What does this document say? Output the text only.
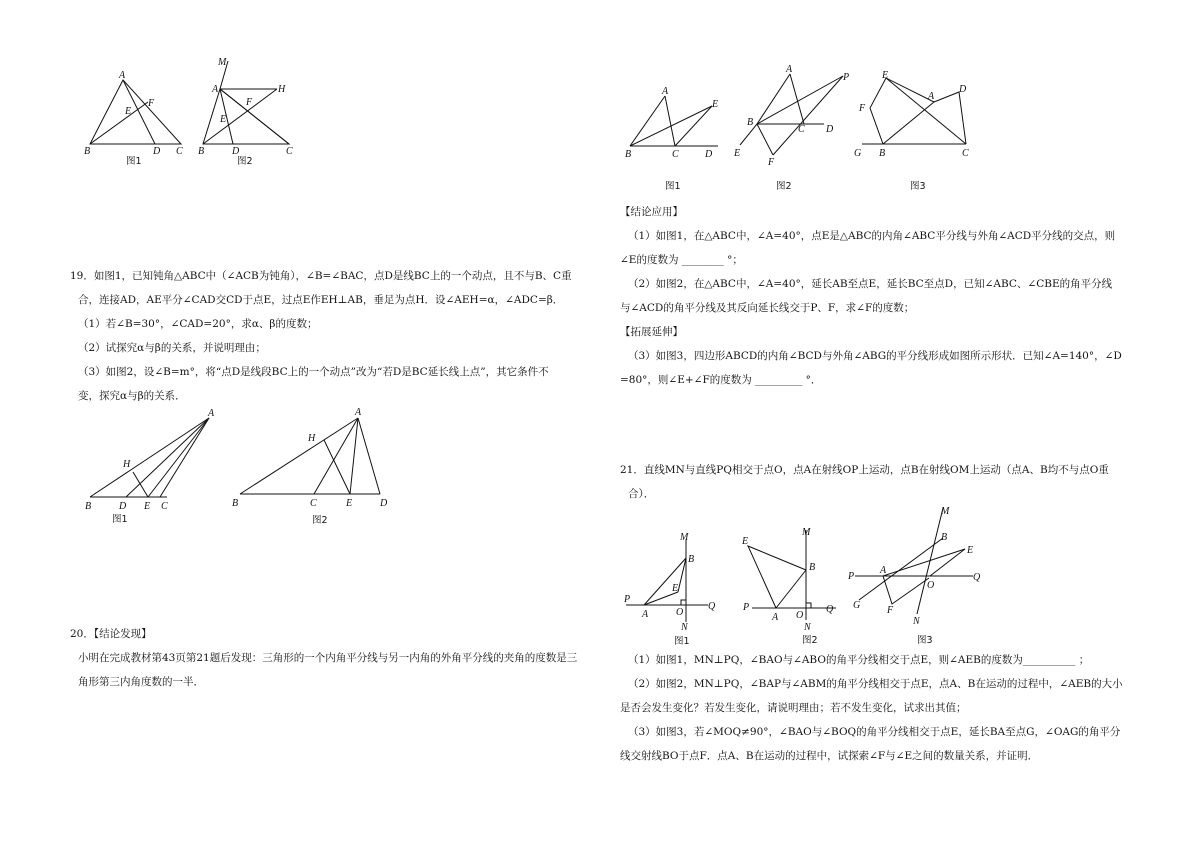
A
B	C
D
E
F
图1
M
A	H
F
E
B	D	C
图2

19．如图1，已知钝角△ABC中（∠ACB为钝角），∠B=∠BAC，点D是线BC上的一个动点，且不与B、C重

合，连接AD，AE平分∠CAD交CD于点E，过点E作EH⊥AB，垂足为点H．设∠AEH=α，∠ADC=β．

（1）若∠B=30°，∠CAD=20°，求α、β的度数；

（2）试探究α与β的关系，并说明理由；

（3）如图2，设∠B=m°，将“点D是线段BC上的一个动点”改为“若D是BC延长线上点”，其它条件不

变，探究α与β的关系．

A
H
B	D E C
图1
A
H
B	C	E	D
图2

20．【结论发现】

小明在完成教材第43页第21题后发现：三角形的一个内角平分线与另一内角的外角平分线的夹角的度数是三

角形第三内角度数的一半．

A
E
B	C	D
图1
A
P
B
C D
E
F
图2
E
F
A
D
G B	C
图3

【结论应用】

（1）如图1，在△ABC中，∠A=40°，点E是△ABC的内角∠ABC平分线与外角∠ACD平分线的交点，则

∠E的度数为 ________ °；

（2）如图2，在△ABC中，∠A=40°，延长AB至点E，延长BC至点D，已知∠ABC、∠CBE的角平分线

与∠ACD的角平分线及其反向延长线交于P、F，求∠F的度数；

【拓展延伸】

（3）如图3，四边形ABCD的内角∠BCD与外角∠ABG的平分线形成如图所示形状．已知∠A=140°，∠D

=80°，则∠E+∠F的度数为 _________ °．

21．直线MN与直线PQ相交于点O，点A在射线OP上运动，点B在射线OM上运动（点A、B均不与点O重

合）．

M
B
P
A
E
O
Q
N
图1
E
M
B
P
A O
Q
N
图2
M
E
B
P
A
O
Q
G	F
N
图3

（1）如图1，MN⊥PQ，∠BAO与∠ABO的角平分线相交于点E，则∠AEB的度数为__________ ；

（2）如图2，MN⊥PQ，∠BAP与∠ABM的角平分线相交于点E，点A、B在运动的过程中，∠AEB的大小

是否会发生变化？若发生变化，请说明理由；若不发生变化，试求出其值；

（3）如图3，若∠MOQ≠90°，∠BAO与∠BOQ的角平分线相交于点E，延长BA至点G，∠OAG的角平分

线交射线BO于点F．点A、B在运动的过程中，试探索∠F与∠E之间的数量关系，并证明．
